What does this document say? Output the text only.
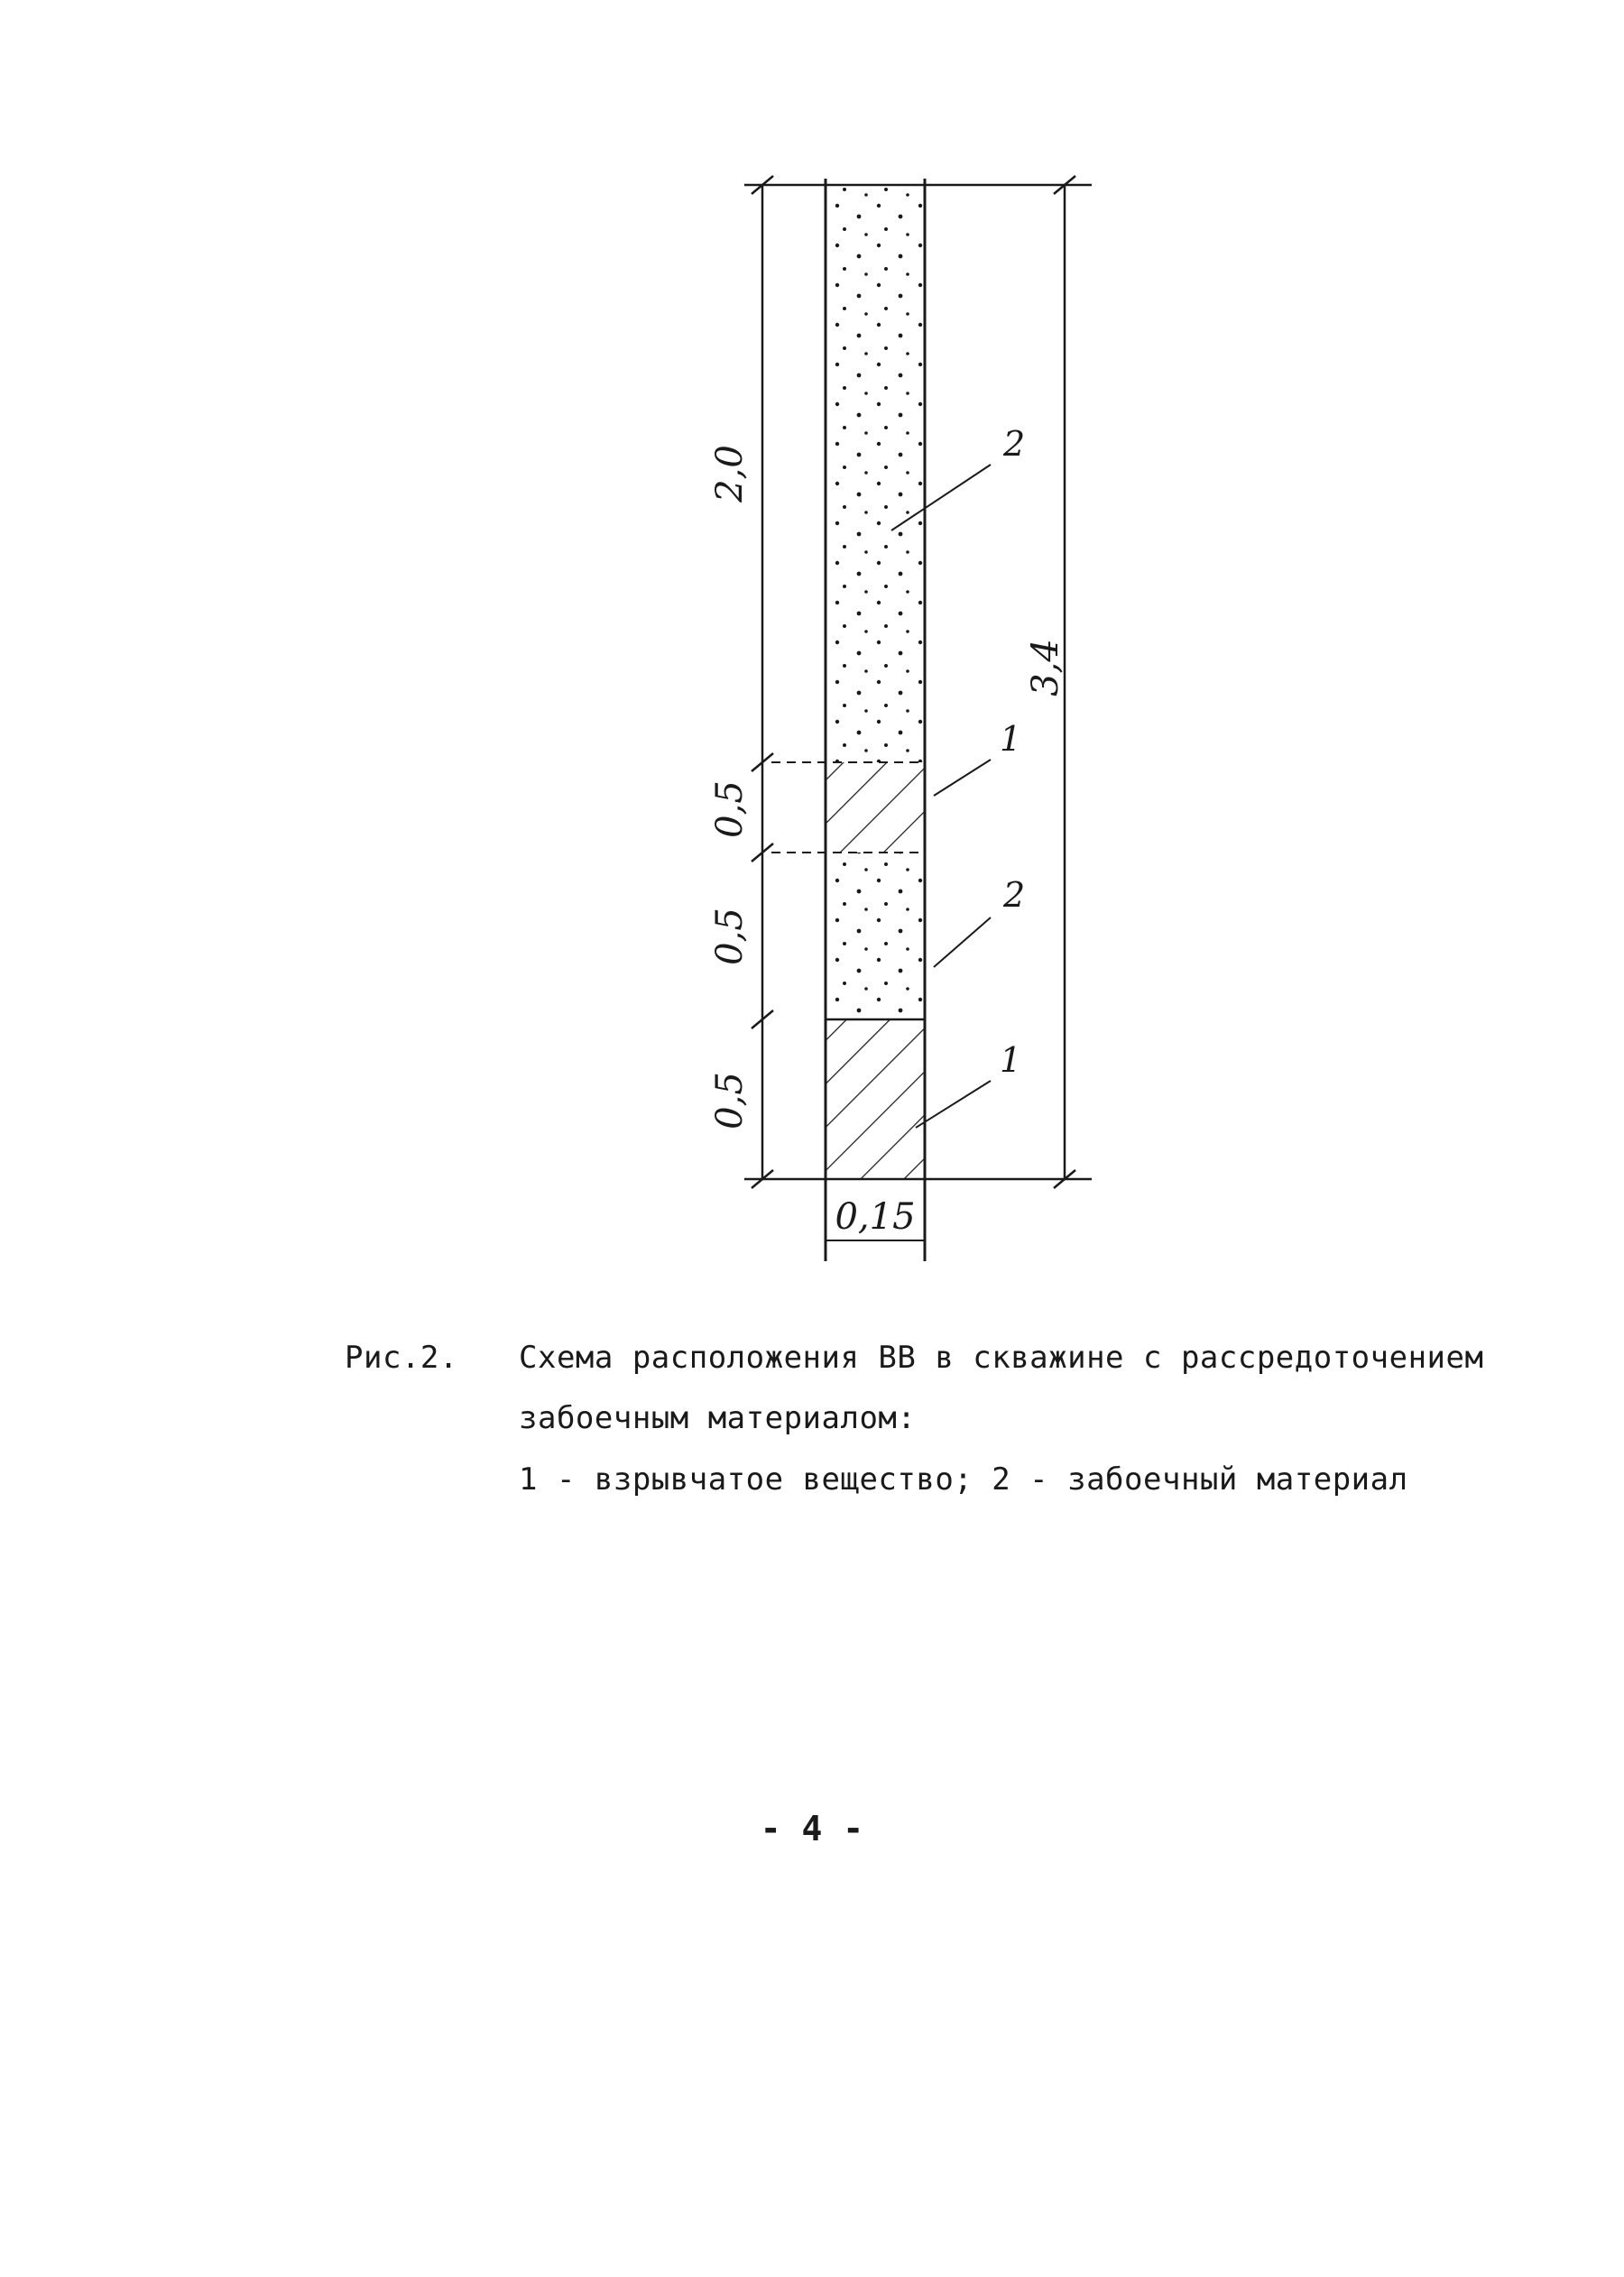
2,0
0,5
0,5
0,5
3,4
0,15
2
1
2
1
Рис.2. Схема расположения ВВ в скважине с рассредоточением
забоечным материалом:
1 - взрывчатое вещество; 2 - забоечный материал
- 4 -
